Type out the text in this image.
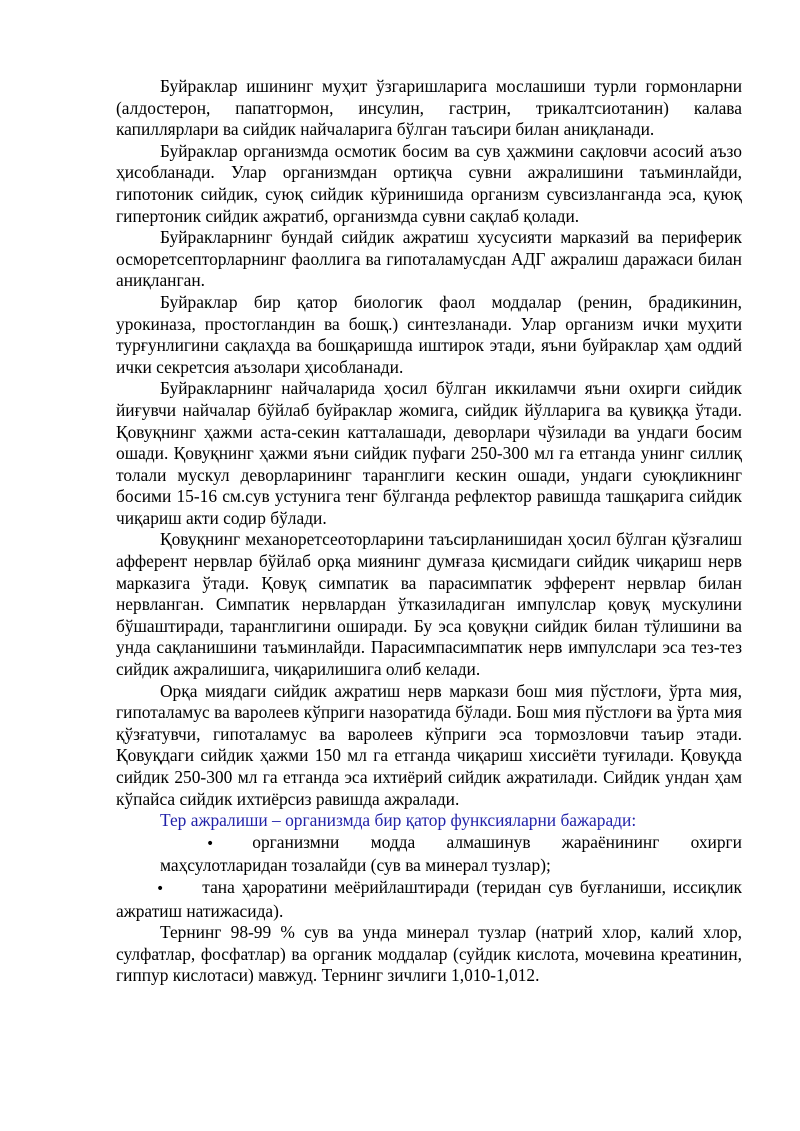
Буйраклар ишининг муҳит ўзгаришларига мослашиши турли гормонларни (алдостерон, папатгормон, инсулин, гастрин, трикалтсиотанин) калава капиллярлари ва сийдик найчаларига бўлган таъсири билан аниқланади.

Буйраклар организмда осмотик босим ва сув ҳажмини сақловчи асосий аъзо ҳисобланади. Улар организмдан ортиқча сувни ажралишини таъминлайди, гипотоник сийдик, суюқ сийдик кўринишида организм сувсизланганда эса, қуюқ гипертоник сийдик ажратиб, организмда сувни сақлаб қолади.

Буйракларнинг бундай сийдик ажратиш хусусияти марказий ва периферик осморетсепторларнинг фаоллига ва гипоталамусдан АДГ ажралиш даражаси билан аниқланган.

Буйраклар бир қатор биологик фаол моддалар (ренин, брадикинин, урокиназа, простогландин ва бошқ.) синтезланади. Улар организм ички муҳити турғунлигини сақлаҳда ва бошқаришда иштирок этади, яъни буйраклар ҳам оддий ички секретсия аъзолари ҳисобланади.

Буйракларнинг найчаларида ҳосил бўлган иккиламчи яъни охирги сийдик йиғувчи найчалар бўйлаб буйраклар жомига, сийдик йўлларига ва қувиққа ўтади. Қовуқнинг ҳажми аста-секин катталашади, деворлари чўзилади ва ундаги босим ошади. Қовуқнинг ҳажми яъни сийдик пуфаги 250-300 мл га етганда унинг силлиқ толали мускул деворларининг таранглиги кескин ошади, ундаги суюқликнинг босими 15-16 см.сув устунига тенг бўлганда рефлектор равишда ташқарига сийдик чиқариш акти содир бўлади.

Қовуқнинг механоретсеоторларини таъсирланишидан ҳосил бўлган қўзғалиш афферент нервлар бўйлаб орқа миянинг думғаза қисмидаги сийдик чиқариш нерв марказига ўтади. Қовуқ симпатик ва парасимпатик эфферент нервлар билан нервланган. Симпатик нервлардан ўтказиладиган импулслар қовуқ мускулини бўшаштиради, таранглигини оширади. Бу эса қовуқни сийдик билан тўлишини ва унда сақланишини таъминлайди. Парасимпасимпатик нерв импулслари эса тез-тез сийдик ажралишига, чиқарилишига олиб келади.

Орқа миядаги сийдик ажратиш нерв маркази бош мия пўстлоғи, ўрта мия, гипоталамус ва варолеев кўприги назоратида бўлади. Бош мия пўстлоғи ва ўрта мия қўзғатувчи, гипоталамус ва варолеев кўприги эса тормозловчи таъир этади. Қовуқдаги сийдик ҳажми 150 мл га етганда чиқариш хиссиёти туғилади. Қовуқда сийдик 250-300 мл га етганда эса ихтиёрий сийдик ажратилади. Сийдик ундан ҳам кўпайса сийдик ихтиёрсиз равишда ажралади.

Тер ажралиши – организмда бир қатор функсияларни бажаради:

• организмни модда алмашинув жараёнининг охирги
маҳсулотларидан тозалайди (сув ва минерал тузлар);

• тана ҳароратини меёрийлаштиради (теридан сув буғланиши, иссиқлик ажратиш натижасида).

Тернинг 98-99 % сув ва унда минерал тузлар (натрий хлор, калий хлор, сулфатлар, фосфатлар) ва органик моддалар (суйдик кислота, мочевина креатинин, гиппур кислотаси) мавжуд. Тернинг зичлиги 1,010-1,012.
